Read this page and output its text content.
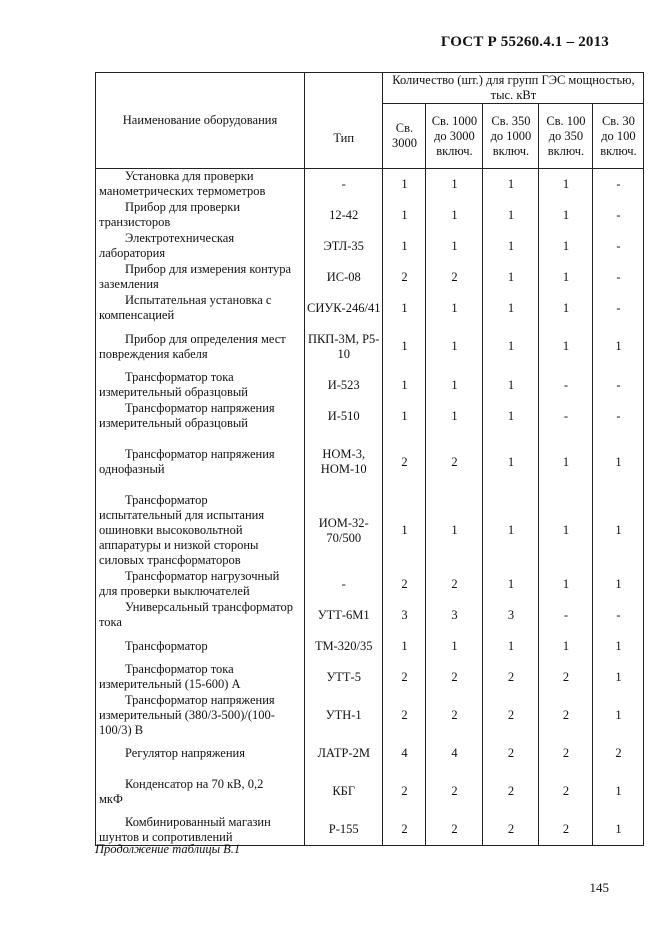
ГОСТ Р 55260.4.1 – 2013
Наименование оборудования	Тип	Количество (шт.) для групп ГЭС мощностью, тыс. кВт				
		Св. 3000	Св. 1000 до 3000 включ.	Св. 350 до 1000 включ.	Св. 100 до 350 включ.	Св. 30 до 100 включ.

Установка для проверки
манометрических термометров	-	1	1	1	1	-

Прибор для проверки
транзисторов	12-42	1	1	1	1	-

Электротехническая
лаборатория	ЭТЛ-35	1	1	1	1	-

Прибор для измерения контура
заземления	ИС-08	2	2	1	1	-

Испытательная установка с
компенсацией	СИУК-246/41	1	1	1	1	-

Прибор для определения мест
повреждения кабеля	ПКП-3М, Р5-10	1	1	1	1	1

Трансформатор тока
измерительный образцовый	И-523	1	1	1	-	-

Трансформатор напряжения
измерительный образцовый	И-510	1	1	1	-	-

Трансформатор напряжения
однофазный	НОМ-3, НОМ-10	2	2	1	1	1

Трансформатор
испытательный для испытания ошиновки высоковольтной аппаратуры и низкой стороны силовых трансформаторов	ИОМ-32-70/500	1	1	1	1	1

Трансформатор нагрузочный
для проверки выключателей	-	2	2	1	1	1

Универсальный трансформатор
тока	УТТ-6М1	3	3	3	-	-

Трансформатор	ТМ-320/35	1	1	1	1	1

Трансформатор тока
измерительный (15-600) А	УТТ-5	2	2	2	2	1

Трансформатор напряжения
измерительный (380/3-500)/(100-100/3) В	УТН-1	2	2	2	2	1

Регулятор напряжения	ЛАТР-2М	4	4	2	2	2

Конденсатор на 70 кВ, 0,2
мкФ	КБГ	2	2	2	2	1

Комбинированный магазин
шунтов и сопротивлений	Р-155	2	2	2	2	1
Продолжение таблицы В.1
145
